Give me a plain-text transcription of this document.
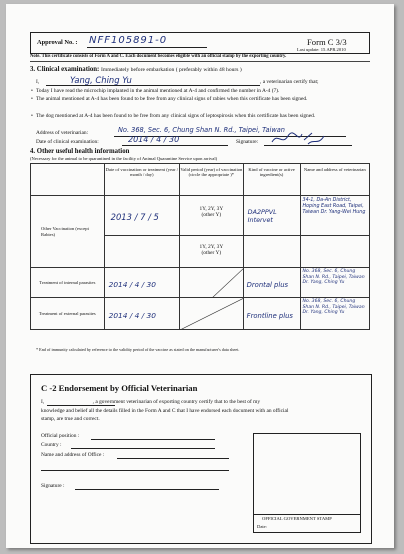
Approval No. : NFF105891-0	Form C 3/3
Last update: 15.APR.2010
Note. This certificate consists of Form A and C. Each document becomes eligible with an official stamp by the exporting country.
3. Clinical examination: Immediately before embarkation ( preferably within 48 hours )
I,	Yang, Ching Yu	, a veterinarian certify that;
• Today I have read the microchip implanted in the animal mentioned at A-4 and confirmed the number in A-4 (7).
• The animal mentioned at A-4 has been found to be free from any clinical signs of rabies when this certificate has been signed.
• The dog mentioned at A-4 has been found to be free from any clinical signs of leptospirosis when this certificate has been signed.
Address of veterinarian:	No. 368, Sec. 6, Chung Shan N. Rd., Taipei, Taiwan
Date of clinical examination:	2014 / 4 / 30	Signature:
4. Other useful health information
(Necessary for the animal to be quarantined in the facility of Animal Quarantine Service upon arrival)
	Date of vaccination or treatment (year / month / day)	Valid period (year) of vaccination (circle the appropriate )*	Kind of vaccine or active ingredient(s)	Name and address of veterinarian
Other Vaccination (except Rabies)	2013 / 7 / 5	1Y, 2Y, 3Y
(other Y)	DA2PPVL Intervet	34-1, Da-An District, Hoping East Road, Taipei, Taiwan Dr. Yang-Wei Hung

		1Y, 2Y, 3Y
(other Y)		
Treatment of internal parasites	2014 / 4 / 30		Drontal plus	No. 368, Sec. 6, Chung Shan N. Rd., Taipei, Taiwan Dr. Yang, Ching Yu

Treatment of external parasites	2014 / 4 / 30		Frontline plus	No. 368, Sec. 6, Chung Shan N. Rd., Taipei, Taiwan Dr. Yang, Ching Yu
* End of immunity calculated by reference to the validity period of the vaccine as stated on the manufacturer's data sheet.
C -2 Endorsement by Official Veterinarian
I,                                    , a government veterinarian of exporting country certify that to the best of my
knowledge and belief all the details filled in the Form A and C that I have endorsed each document with an official
stamp, are true and correct.
Official position :
Country :
Name and address of Office :
Signature :
OFFICIAL GOVERNMENT STAMP
Date:
